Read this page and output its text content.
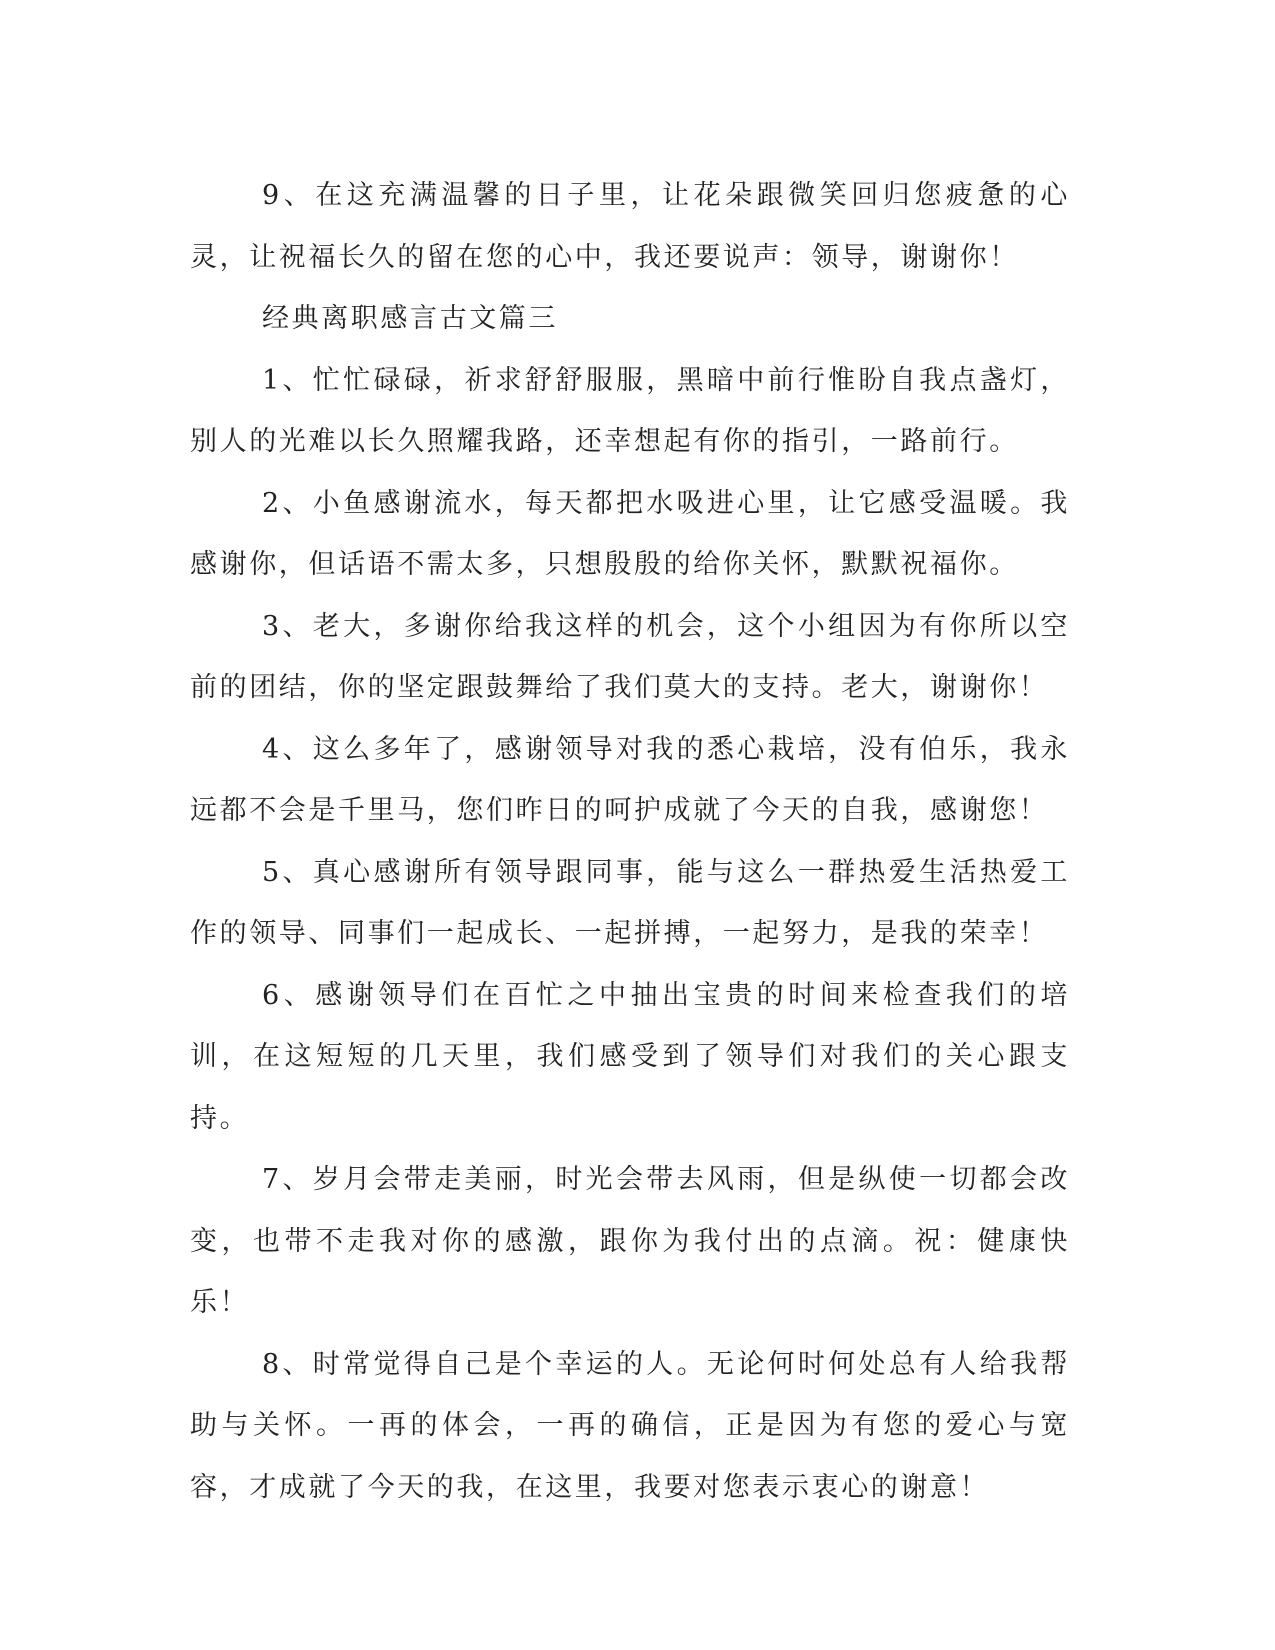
9、在这充满温馨的日子里，让花朵跟微笑回归您疲惫的心灵，让祝福长久的留在您的心中，我还要说声：领导，谢谢你！

经典离职感言古文篇三

1、忙忙碌碌，祈求舒舒服服，黑暗中前行惟盼自我点盏灯，别人的光难以长久照耀我路，还幸想起有你的指引，一路前行。

2、小鱼感谢流水，每天都把水吸进心里，让它感受温暖。我感谢你，但话语不需太多，只想殷殷的给你关怀，默默祝福你。

3、老大，多谢你给我这样的机会，这个小组因为有你所以空前的团结，你的坚定跟鼓舞给了我们莫大的支持。老大，谢谢你！

4、这么多年了，感谢领导对我的悉心栽培，没有伯乐，我永远都不会是千里马，您们昨日的呵护成就了今天的自我，感谢您！

5、真心感谢所有领导跟同事，能与这么一群热爱生活热爱工作的领导、同事们一起成长、一起拼搏，一起努力，是我的荣幸！

6、感谢领导们在百忙之中抽出宝贵的时间来检查我们的培训，在这短短的几天里，我们感受到了领导们对我们的关心跟支持。

7、岁月会带走美丽，时光会带去风雨，但是纵使一切都会改变，也带不走我对你的感激，跟你为我付出的点滴。祝：健康快乐！

8、时常觉得自己是个幸运的人。无论何时何处总有人给我帮助与关怀。一再的体会，一再的确信，正是因为有您的爱心与宽容，才成就了今天的我，在这里，我要对您表示衷心的谢意！
